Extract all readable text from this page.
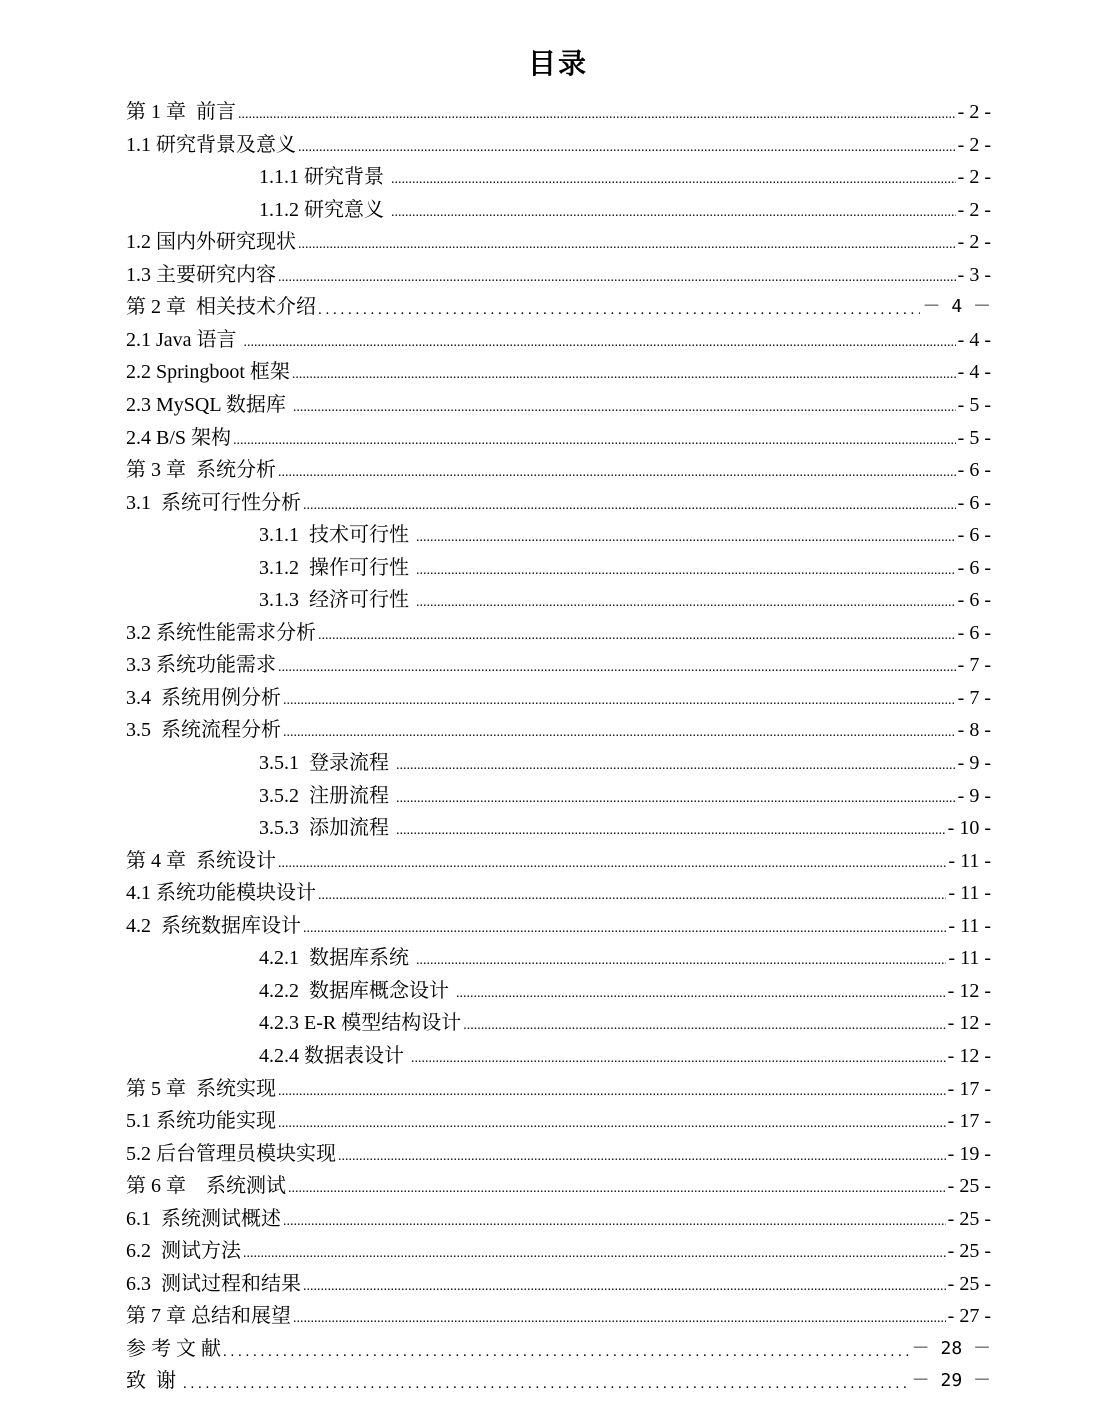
目录
第 1 章  前言 .....	- 2 -
1.1 研究背景及意义 .....	- 2 -
1.1.1 研究背景 .....	- 2 -
1.1.2 研究意义 .....	- 2 -
1.2 国内外研究现状 .....	- 2 -
1.3 主要研究内容 .....	- 3 -
第 2 章  相关技术介绍 . . .	－ 4 －
2.1 Java 语言 .....	- 4 -
2.2 Springboot 框架 .....	- 4 -
2.3 MySQL 数据库 .....	- 5 -
2.4 B/S 架构 .....	- 5 -
第 3 章  系统分析 .....	- 6 -
3.1  系统可行性分析 .....	- 6 -
3.1.1  技术可行性 .....	- 6 -
3.1.2  操作可行性 .....	- 6 -
3.1.3  经济可行性 .....	- 6 -
3.2 系统性能需求分析 .....	- 6 -
3.3 系统功能需求 .....	- 7 -
3.4  系统用例分析 .....	- 7 -
3.5  系统流程分析 .....	- 8 -
3.5.1  登录流程 .....	- 9 -
3.5.2  注册流程 .....	- 9 -
3.5.3  添加流程 .....	- 10 -
第 4 章  系统设计 .....	- 11 -
4.1 系统功能模块设计 .....	- 11 -
4.2  系统数据库设计 .....	- 11 -
4.2.1  数据库系统 .....	- 11 -
4.2.2  数据库概念设计 .....	- 12 -
4.2.3 E-R 模型结构设计 .....	- 12 -
4.2.4 数据表设计 .....	- 12 -
第 5 章  系统实现 .....	- 17 -
5.1 系统功能实现 .....	- 17 -
5.2 后台管理员模块实现 .....	- 19 -
第 6 章    系统测试 .....	- 25 -
6.1  系统测试概述 .....	- 25 -
6.2  测试方法 .....	- 25 -
6.3  测试过程和结果 .....	- 25 -
第 7 章 总结和展望 .....	- 27 -
参 考 文 献 . . .	－ 28 －
致  谢 . . .	－ 29 －
